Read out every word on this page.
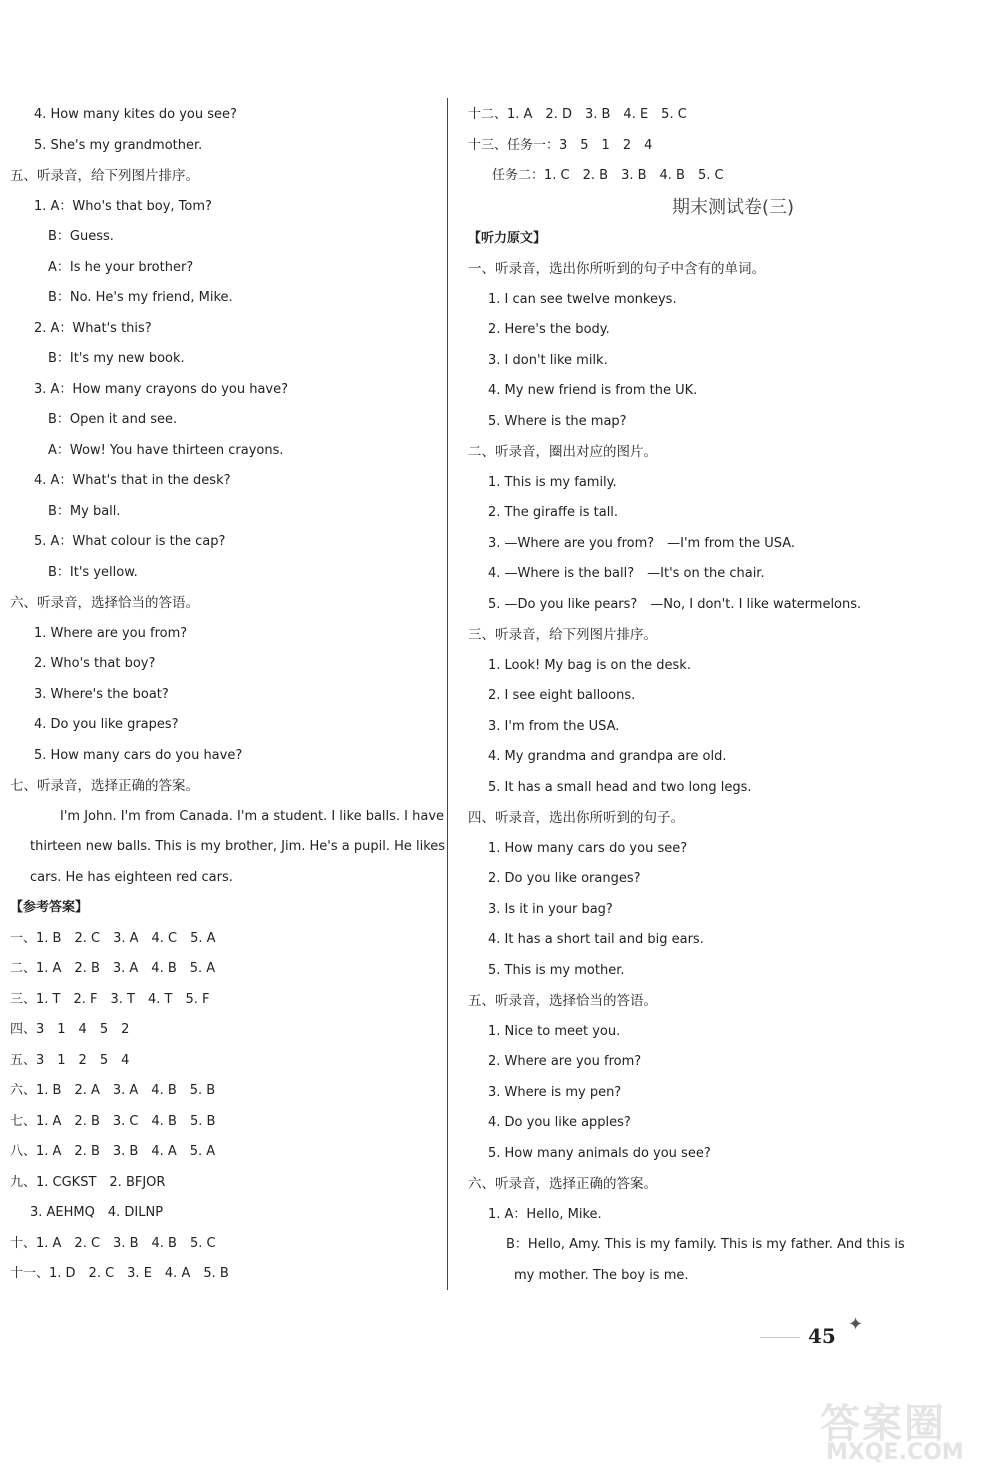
4. How many kites do you see?
5. She's my grandmother.
五、听录音，给下列图片排序。
1. A：Who's that boy, Tom?
B：Guess.
A：Is he your brother?
B：No. He's my friend, Mike.
2. A：What's this?
B：It's my new book.
3. A：How many crayons do you have?
B：Open it and see.
A：Wow! You have thirteen crayons.
4. A：What's that in the desk?
B：My ball.
5. A：What colour is the cap?
B：It's yellow.
六、听录音，选择恰当的答语。
1. Where are you from?
2. Who's that boy?
3. Where's the boat?
4. Do you like grapes?
5. How many cars do you have?
七、听录音，选择正确的答案。
I'm John. I'm from Canada. I'm a student. I like balls. I have
thirteen new balls. This is my brother, Jim. He's a pupil. He likes
cars. He has eighteen red cars.
【参考答案】
一、1. B　2. C　3. A　4. C　5. A
二、1. A　2. B　3. A　4. B　5. A
三、1. T　2. F　3. T　4. T　5. F
四、3　1　4　5　2
五、3　1　2　5　4
六、1. B　2. A　3. A　4. B　5. B
七、1. A　2. B　3. C　4. B　5. B
八、1. A　2. B　3. B　4. A　5. A
九、1. CGKST　2. BFJOR
3. AEHMQ　4. DILNP
十、1. A　2. C　3. B　4. B　5. C
十一、1. D　2. C　3. E　4. A　5. B
十二、1. A　2. D　3. B　4. E　5. C
十三、任务一：3　5　1　2　4
任务二：1. C　2. B　3. B　4. B　5. C
期末测试卷(三)
【听力原文】
一、听录音，选出你所听到的句子中含有的单词。
1. I can see twelve monkeys.
2. Here's the body.
3. I don't like milk.
4. My new friend is from the UK.
5. Where is the map?
二、听录音，圈出对应的图片。
1. This is my family.
2. The giraffe is tall.
3. —Where are you from?　—I'm from the USA.
4. —Where is the ball?　—It's on the chair.
5. —Do you like pears?　—No, I don't. I like watermelons.
三、听录音，给下列图片排序。
1. Look! My bag is on the desk.
2. I see eight balloons.
3. I'm from the USA.
4. My grandma and grandpa are old.
5. It has a small head and two long legs.
四、听录音，选出你所听到的句子。
1. How many cars do you see?
2. Do you like oranges?
3. Is it in your bag?
4. It has a short tail and big ears.
5. This is my mother.
五、听录音，选择恰当的答语。
1. Nice to meet you.
2. Where are you from?
3. Where is my pen?
4. Do you like apples?
5. How many animals do you see?
六、听录音，选择正确的答案。
1. A：Hello, Mike.
B：Hello, Amy. This is my family. This is my father. And this is
my mother. The boy is me.
45 ✦
答案圈
MXQE.COM
